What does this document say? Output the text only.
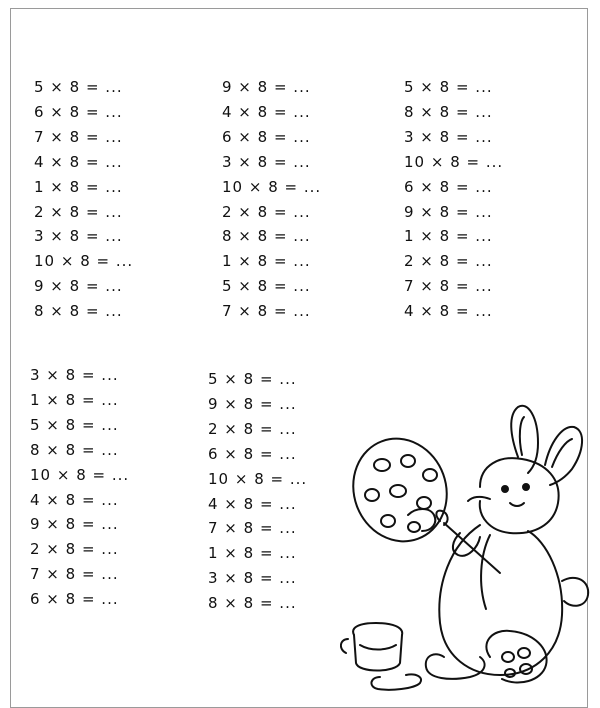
5 × 8 = ...
6 × 8 = ...
7 × 8 = ...
4 × 8 = ...
1 × 8 = ...
2 × 8 = ...
3 × 8 = ...
10 × 8 = ...
9 × 8 = ...
8 × 8 = ...
9 × 8 = ...
4 × 8 = ...
6 × 8 = ...
3 × 8 = ...
10 × 8 = ...
2 × 8 = ...
8 × 8 = ...
1 × 8 = ...
5 × 8 = ...
7 × 8 = ...
5 × 8 = ...
8 × 8 = ...
3 × 8 = ...
10 × 8 = ...
6 × 8 = ...
9 × 8 = ...
1 × 8 = ...
2 × 8 = ...
7 × 8 = ...
4 × 8 = ...
3 × 8 = ...
1 × 8 = ...
5 × 8 = ...
8 × 8 = ...
10 × 8 = ...
4 × 8 = ...
9 × 8 = ...
2 × 8 = ...
7 × 8 = ...
6 × 8 = ...
5 × 8 = ...
9 × 8 = ...
2 × 8 = ...
6 × 8 = ...
10 × 8 = ...
4 × 8 = ...
7 × 8 = ...
1 × 8 = ...
3 × 8 = ...
8 × 8 = ...
